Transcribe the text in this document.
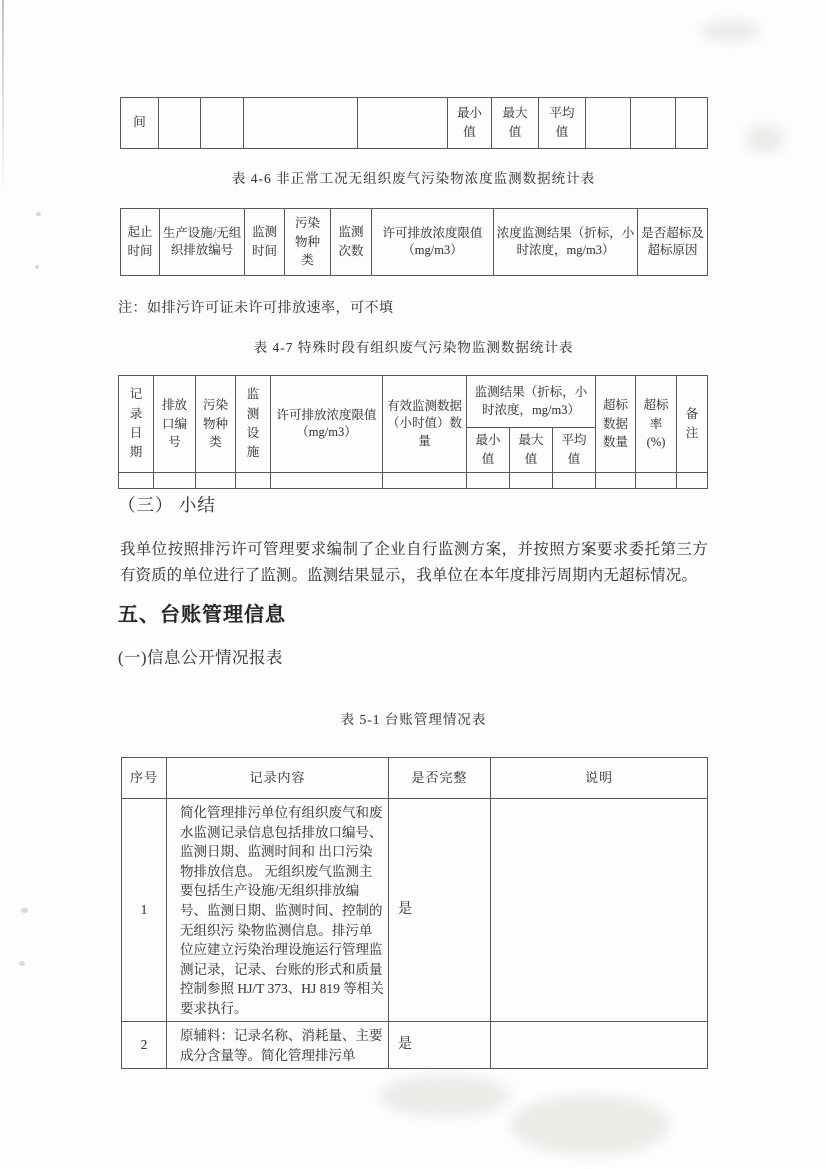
间					最小值	最大值	平均值			
表 4-6 非正常工况无组织废气污染物浓度监测数据统计表
起止时间	生产设施/无组织排放编号	监测时间	污染物种类	监测次数	许可排放浓度限值（mg/m3）	浓度监测结果（折标，小时浓度，mg/m3）	是否超标及超标原因
注：如排污许可证未许可排放速率，可不填
表 4-7 特殊时段有组织废气污染物监测数据统计表
记录日期	排放口编号	污染物种类	监测设施	许可排放浓度限值（mg/m3）	有效监测数据（小时值）数量	监测结果（折标，小时浓度，mg/m3）			超标数据数量	超标率(%)	备注
						最小值	最大值	平均值			

（三） 小结

我单位按照排污许可管理要求编制了企业自行监测方案，并按照方案要求委托第三方有资质的单位进行了监测。监测结果显示，我单位在本年度排污周期内无超标情况。

五、台账管理信息
(一)信息公开情况报表
表 5-1 台账管理情况表
序号	记录内容	是否完整	说明
1	简化管理排污单位有组织废气和废水监测记录信息包括排放口编号、监测日期、监测时间和 出口污染物排放信息。 无组织废气监测主要包括生产设施/无组织排放编号、监测日期、监测时间、控制的无组织污 染物监测信息。排污单位应建立污染治理设施运行管理监测记录，记录、台账的形式和质量控制参照 HJ/T 373、HJ 819 等相关要求执行。	是	
2	原辅料：记录名称、消耗量、主要成分含量等。简化管理排污单	是	
